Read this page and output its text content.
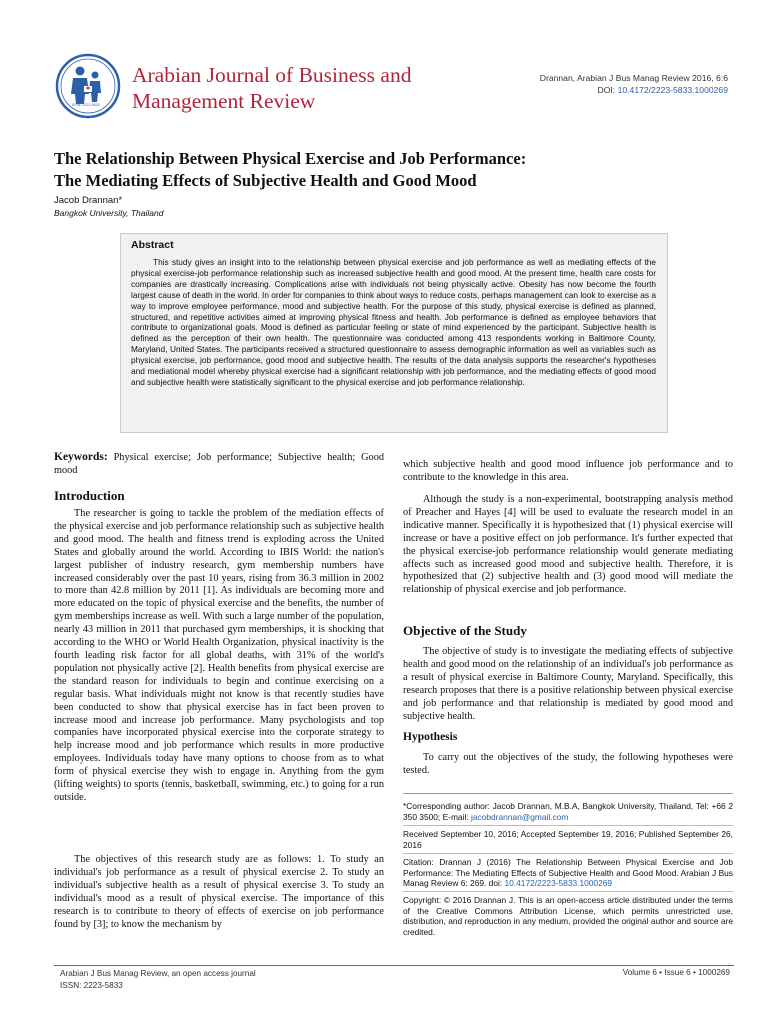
ISSN: 2223-5833
Arabian Journal of Business and
Management Review
Drannan, Arabian J Bus Manag Review 2016, 6:6
DOI: 10.4172/2223-5833.1000269
The Relationship Between Physical Exercise and Job Performance:
The Mediating Effects of Subjective Health and Good Mood
Jacob Drannan*
Bangkok University, Thailand
Abstract

This study gives an insight into to the relationship between physical exercise and job performance as well as mediating effects of the physical exercise-job performance relationship such as increased subjective health and good mood. At the present time, health care costs for companies are drastically increasing. Complications arise with individuals not being physically active. Obesity has now become the fourth largest cause of death in the world. In order for companies to think about ways to reduce costs, perhaps management can look to exercise as a way to improve employee performance, mood and subjective health. For the purpose of this study, physical exercise is defined as planned, structured, and repetitive activities aimed at improving physical fitness and health. Job performance is defined as employee behaviors that contribute to organizational goals. Mood is defined as particular feeling or state of mind experienced by the participant. Subjective health is defined as the perception of their own health. The questionnaire was conducted among 413 respondents working in Baltimore County, Maryland, United States. The participants received a structured questionnaire to assess demographic information as well as variables such as physical exercise, job performance, good mood and subjective health. The results of the data analysis supports the researcher's hypotheses and mediational model whereby physical exercise had a significant relationship with job performance, and the mediating effects of good mood and subjective health were statistically significant to the physical exercise and job performance relationship.

Keywords: Physical exercise; Job performance; Subjective health; Good mood
Introduction

The researcher is going to tackle the problem of the mediation effects of the physical exercise and job performance relationship such as subjective health and good mood. The health and fitness trend is exploding across the United States and globally around the world. According to IBIS World: the nation's largest publisher of industry research, gym membership numbers have increased considerably over the past 10 years, rising from 36.3 million in 2002 to more than 42.8 million by 2011 [1]. As individuals are becoming more and more educated on the topic of physical exercise and the benefits, the number of gym memberships increase as well. With such a large number of the population, nearly 43 million in 2011 that purchased gym memberships, it is shocking that according to the WHO or World Health Organization, physical inactivity is the fourth leading risk factor for all global deaths, with 31% of the world's population not physically active [2]. Health benefits from physical exercise are the standard reason for individuals to begin and continue exercising on a regular basis. What individuals might not know is that recently studies have been conducted to show that physical exercise has in fact been proven to increase mood and increase job performance. Many psychologists and top companies have incorporated physical exercise into the corporate strategy to help increase mood and job performance which results in more productive employees. Individuals today have many options to choose from as to what form of physical exercise they wish to engage in. Anything from the gym (lifting weights) to sports (tennis, basketball, swimming, etc.) to going for a run outside.

The objectives of this research study are as follows: 1. To study an individual's job performance as a result of physical exercise 2. To study an individual's subjective health as a result of physical exercise 3. To study an individual's mood as a result of physical exercise. The importance of this research is to contribute to theory of effects of exercise on job performance found by [3]; to know the mechanism by

which subjective health and good mood influence job performance and to contribute to the knowledge in this area.

Although the study is a non-experimental, bootstrapping analysis method of Preacher and Hayes [4] will be used to evaluate the research model in an indicative manner. Specifically it is hypothesized that (1) physical exercise will increase or have a positive effect on job performance. It's further expected that the physical exercise-job performance relationship would generate mediating affects such as increased good mood and subjective health. Therefore, it is hypothesized that (2) subjective health and (3) good mood will mediate the relationship of physical exercise and job performance.

Objective of the Study

The objective of study is to investigate the mediating effects of subjective health and good mood on the relationship of an individual's job performance as a result of physical exercise in Baltimore County, Maryland. Specifically, this research proposes that there is a positive relationship between physical exercise and job performance and that relationship is mediated by good mood and subjective health.

Hypothesis

To carry out the objectives of the study, the following hypotheses were tested.

*Corresponding author: Jacob Drannan, M.B.A, Bangkok University, Thailand, Tel: +66 2 350 3500; E-mail: jacobdrannan@gmail.com
Received September 10, 2016; Accepted September 19, 2016; Published September 26, 2016
Citation: Drannan J (2016) The Relationship Between Physical Exercise and Job Performance: The Mediating Effects of Subjective Health and Good Mood. Arabian J Bus Manag Review 6: 269. doi: 10.4172/2223-5833.1000269
Copyright: © 2016 Drannan J. This is an open-access article distributed under the terms of the Creative Commons Attribution License, which permits unrestricted use, distribution, and reproduction in any medium, provided the original author and source are credited.
Arabian J Bus Manag Review, an open access journal
ISSN: 2223-5833
Volume 6 • Issue 6 • 1000269
